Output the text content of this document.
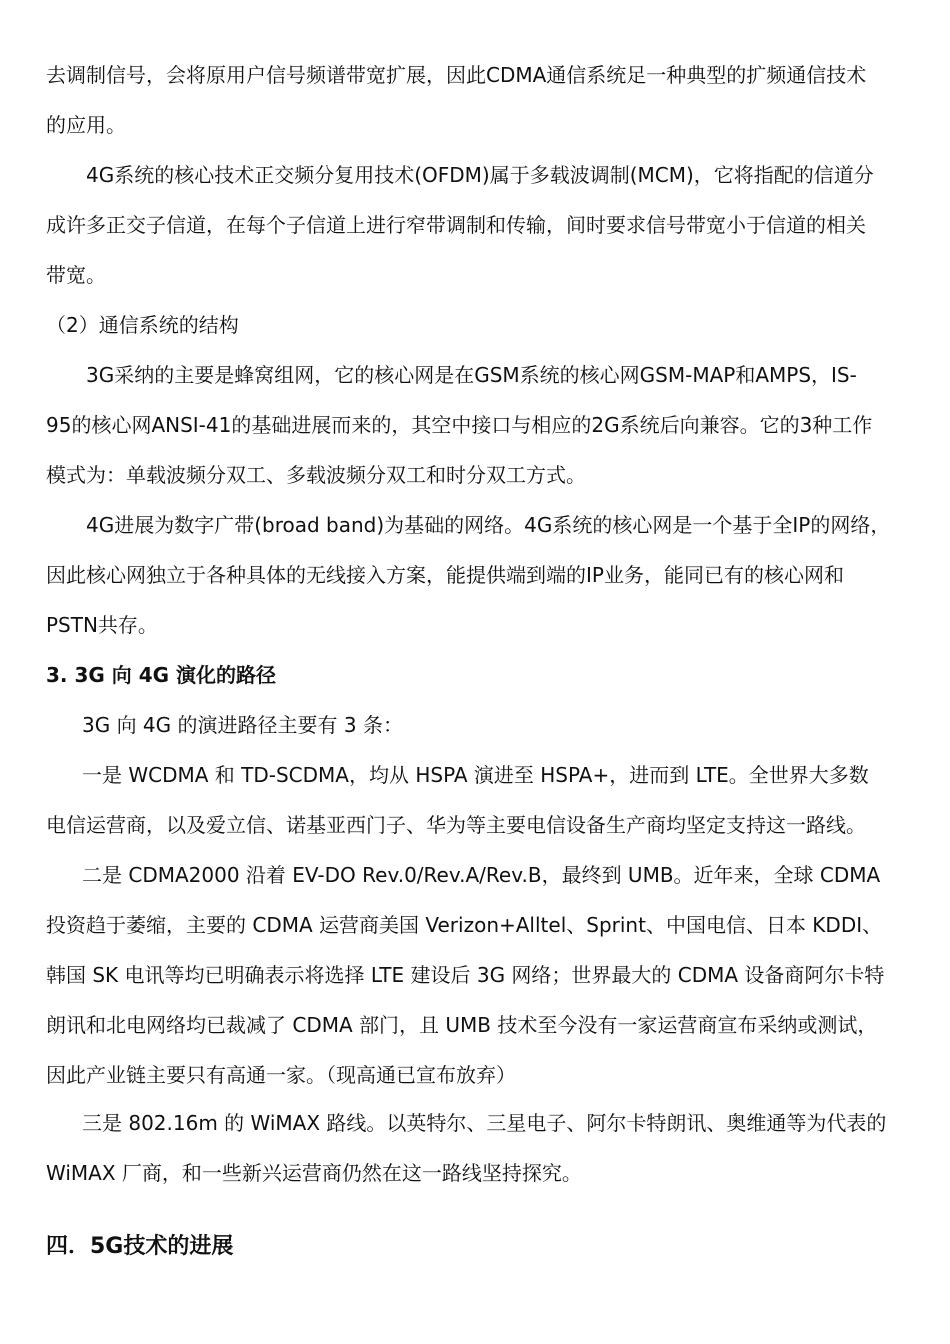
去调制信号，会将原用户信号频谱带宽扩展，因此CDMA通信系统足一种典型的扩频通信技术
的应用。
4G系统的核心技术正交频分复用技术(OFDM)属于多载波调制(MCM)，它将指配的信道分
成许多正交子信道，在每个子信道上进行窄带调制和传输，间时要求信号带宽小于信道的相关
带宽。
（2）通信系统的结构
3G采纳的主要是蜂窝组网，它的核心网是在GSM系统的核心网GSM-MAP和AMPS，IS-
95的核心网ANSI-41的基础进展而来的，其空中接口与相应的2G系统后向兼容。它的3种工作
模式为：单载波频分双工、多载波频分双工和时分双工方式。
4G进展为数字广带(broad band)为基础的网络。4G系统的核心网是一个基于全IP的网络，
因此核心网独立于各种具体的无线接入方案，能提供端到端的IP业务，能同已有的核心网和
PSTN共存。
3. 3G 向 4G 演化的路径
3G 向 4G 的演进路径主要有 3 条：
一是 WCDMA 和 TD-SCDMA，均从 HSPA 演进至 HSPA+，进而到 LTE。全世界大多数
电信运营商，以及爱立信、诺基亚西门子、华为等主要电信设备生产商均坚定支持这一路线。
二是 CDMA2000 沿着 EV-DO Rev.0/Rev.A/Rev.B，最终到 UMB。近年来，全球 CDMA
投资趋于萎缩，主要的 CDMA 运营商美国 Verizon+Alltel、Sprint、中国电信、日本 KDDI、
韩国 SK 电讯等均已明确表示将选择 LTE 建设后 3G 网络；世界最大的 CDMA 设备商阿尔卡特
朗讯和北电网络均已裁减了 CDMA 部门，且 UMB 技术至今没有一家运营商宣布采纳或测试，
因此产业链主要只有高通一家。（现高通已宣布放弃）
三是 802.16m 的 WiMAX 路线。以英特尔、三星电子、阿尔卡特朗讯、奥维通等为代表的
WiMAX 厂商，和一些新兴运营商仍然在这一路线坚持探究。
四．5G技术的进展
